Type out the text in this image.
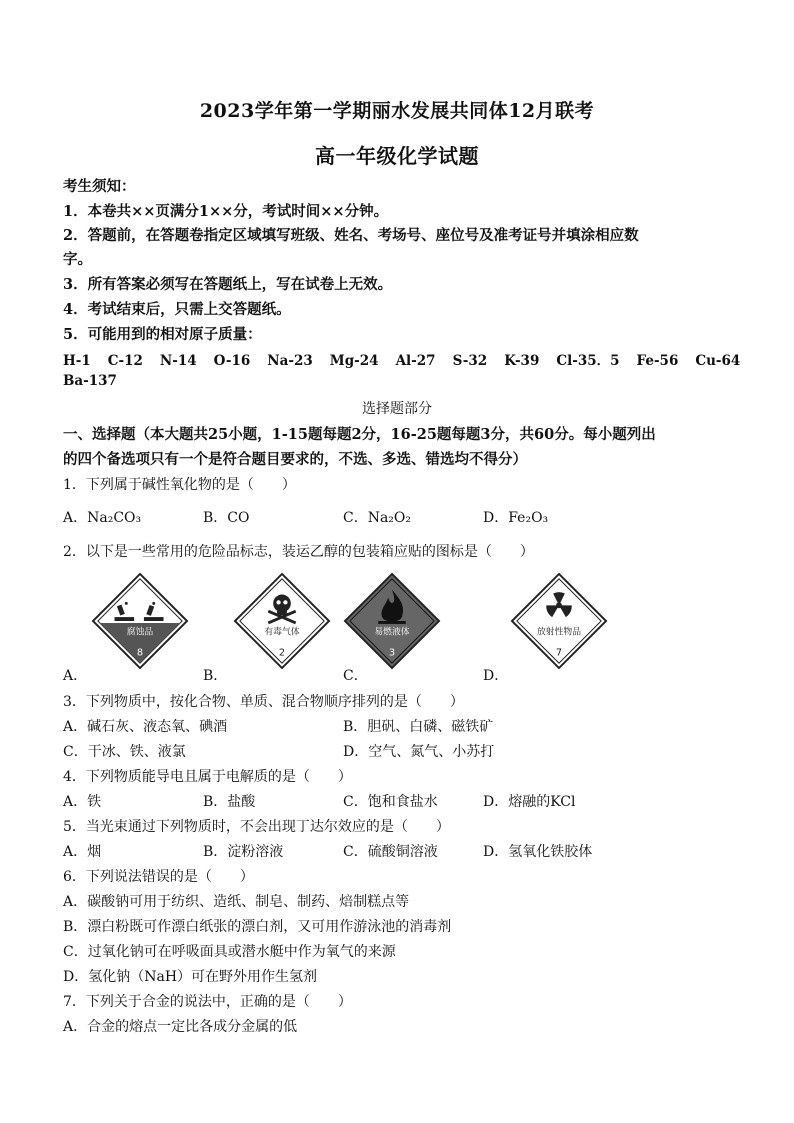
2023学年第一学期丽水发展共同体12月联考
高一年级化学试题
考生须知：
1．本卷共××页满分1××分，考试时间××分钟。
2．答题前，在答题卷指定区域填写班级、姓名、考场号、座位号及准考证号并填涂相应数
字。
3．所有答案必须写在答题纸上，写在试卷上无效。
4．考试结束后，只需上交答题纸。
5．可能用到的相对原子质量：
H-1 C-12 N-14 O-16 Na-23 Mg-24 Al-27 S-32 K-39 Cl-35．5 Fe-56 Cu-64
Ba-137
选择题部分
一、选择题（本大题共25小题，1-15题每题2分，16-25题每题3分，共60分。每小题列出
的四个备选项只有一个是符合题目要求的，不选、多选、错选均不得分）
1．下列属于碱性氧化物的是（　　）
A．Na₂CO₃	B．CO	C．Na₂O₂	D．Fe₂O₃
2．以下是一些常用的危险品标志，装运乙醇的包装箱应贴的图标是（　　）
腐蚀品
8
有毒气体
2
易燃液体
3
放射性物品
7
A．	B．	C．	D．
3．下列物质中，按化合物、单质、混合物顺序排列的是（　　）
A．碱石灰、液态氧、碘酒	B．胆矾、白磷、磁铁矿
C．干冰、铁、液氯	D．空气、氮气、小苏打
4．下列物质能导电且属于电解质的是（　　）
A．铁	B．盐酸	C．饱和食盐水	D．熔融的KCl
5．当光束通过下列物质时，不会出现丁达尔效应的是（　　）
A．烟	B．淀粉溶液	C．硫酸铜溶液	D．氢氧化铁胶体
6．下列说法错误的是（　　）
A．碳酸钠可用于纺织、造纸、制皂、制药、焙制糕点等
B．漂白粉既可作漂白纸张的漂白剂，又可用作游泳池的消毒剂
C．过氧化钠可在呼吸面具或潜水艇中作为氧气的来源
D．氢化钠（NaH）可在野外用作生氢剂
7．下列关于合金的说法中，正确的是（　　）
A．合金的熔点一定比各成分金属的低
